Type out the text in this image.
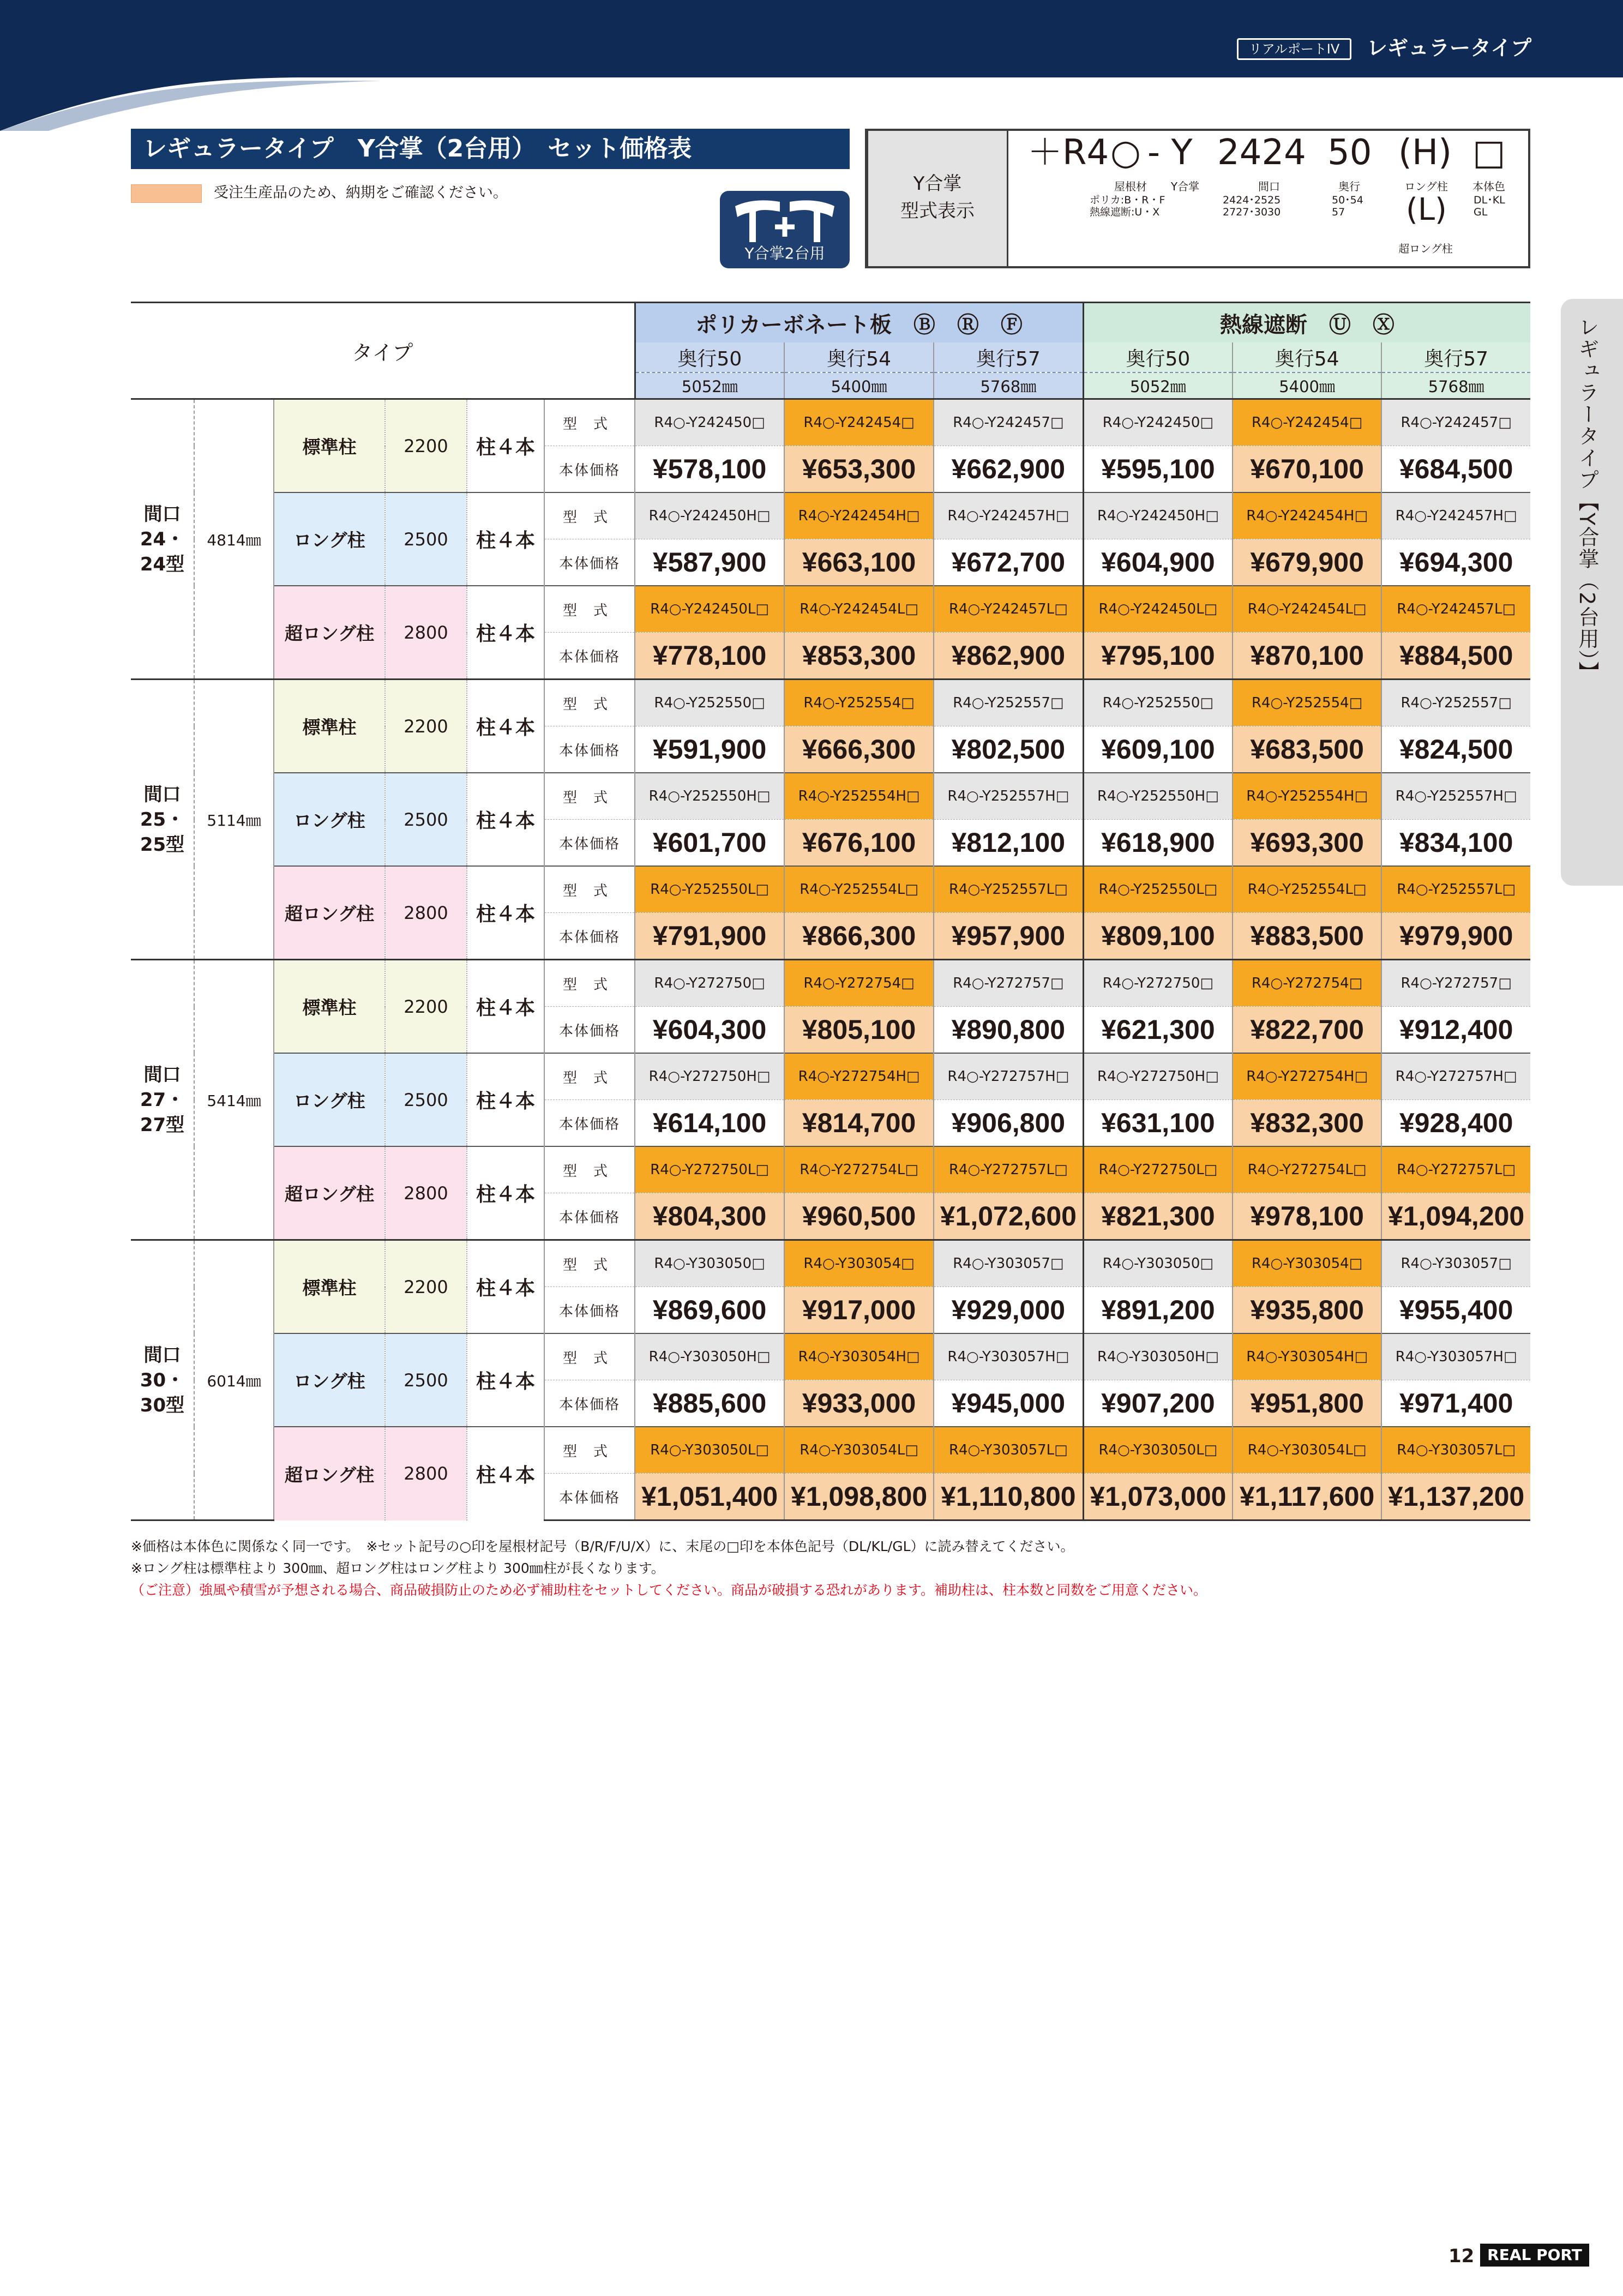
リアルポートIV	レギュラータイプ
レギュラータイプ　Y合掌（2台用）　セット価格表
受注生産品のため、納期をご確認ください。
Y合掌2台用
Y合掌
型式表示
＋R4 ○ - Y 2424 50 (H) □
屋根材
ポリカ:B・R・F
熱線遮断:U・X
Y合掌	間口
2424･2525
2727･3030
奥行
50･54
57
ロング柱
(L)
超ロング柱
本体色
DL･KL
GL
レギュラータイプ【Y合掌（2台用）】
タイプ						ポリカーボネート板　Ⓑ　Ⓡ　Ⓕ			熱線遮断　Ⓤ　Ⓧ		
						奥行50	奥行54	奥行57	奥行50	奥行54	奥行57
						5052㎜	5400㎜	5768㎜	5052㎜	5400㎜	5768㎜

間口
24・
24型	4814㎜	標準柱	2200	柱４本	型式	R4○-Y242450□	R4○-Y242454□	R4○-Y242457□	R4○-Y242450□	R4○-Y242454□	R4○-Y242457□
					本体価格	¥578,100	¥653,300	¥662,900	¥595,100	¥670,100	¥684,500
		ロング柱	2500	柱４本	型式	R4○-Y242450H□	R4○-Y242454H□	R4○-Y242457H□	R4○-Y242450H□	R4○-Y242454H□	R4○-Y242457H□
					本体価格	¥587,900	¥663,100	¥672,700	¥604,900	¥679,900	¥694,300
		超ロング柱	2800	柱４本	型式	R4○-Y242450L□	R4○-Y242454L□	R4○-Y242457L□	R4○-Y242450L□	R4○-Y242454L□	R4○-Y242457L□
					本体価格	¥778,100	¥853,300	¥862,900	¥795,100	¥870,100	¥884,500

間口
25・
25型	5114㎜	標準柱	2200	柱４本	型式	R4○-Y252550□	R4○-Y252554□	R4○-Y252557□	R4○-Y252550□	R4○-Y252554□	R4○-Y252557□
					本体価格	¥591,900	¥666,300	¥802,500	¥609,100	¥683,500	¥824,500
		ロング柱	2500	柱４本	型式	R4○-Y252550H□	R4○-Y252554H□	R4○-Y252557H□	R4○-Y252550H□	R4○-Y252554H□	R4○-Y252557H□
					本体価格	¥601,700	¥676,100	¥812,100	¥618,900	¥693,300	¥834,100
		超ロング柱	2800	柱４本	型式	R4○-Y252550L□	R4○-Y252554L□	R4○-Y252557L□	R4○-Y252550L□	R4○-Y252554L□	R4○-Y252557L□
					本体価格	¥791,900	¥866,300	¥957,900	¥809,100	¥883,500	¥979,900

間口
27・
27型	5414㎜	標準柱	2200	柱４本	型式	R4○-Y272750□	R4○-Y272754□	R4○-Y272757□	R4○-Y272750□	R4○-Y272754□	R4○-Y272757□
					本体価格	¥604,300	¥805,100	¥890,800	¥621,300	¥822,700	¥912,400
		ロング柱	2500	柱４本	型式	R4○-Y272750H□	R4○-Y272754H□	R4○-Y272757H□	R4○-Y272750H□	R4○-Y272754H□	R4○-Y272757H□
					本体価格	¥614,100	¥814,700	¥906,800	¥631,100	¥832,300	¥928,400
		超ロング柱	2800	柱４本	型式	R4○-Y272750L□	R4○-Y272754L□	R4○-Y272757L□	R4○-Y272750L□	R4○-Y272754L□	R4○-Y272757L□
					本体価格	¥804,300	¥960,500	¥1,072,600	¥821,300	¥978,100	¥1,094,200

間口
30・
30型	6014㎜	標準柱	2200	柱４本	型式	R4○-Y303050□	R4○-Y303054□	R4○-Y303057□	R4○-Y303050□	R4○-Y303054□	R4○-Y303057□
					本体価格	¥869,600	¥917,000	¥929,000	¥891,200	¥935,800	¥955,400
		ロング柱	2500	柱４本	型式	R4○-Y303050H□	R4○-Y303054H□	R4○-Y303057H□	R4○-Y303050H□	R4○-Y303054H□	R4○-Y303057H□
					本体価格	¥885,600	¥933,000	¥945,000	¥907,200	¥951,800	¥971,400
		超ロング柱	2800	柱４本	型式	R4○-Y303050L□	R4○-Y303054L□	R4○-Y303057L□	R4○-Y303050L□	R4○-Y303054L□	R4○-Y303057L□
					本体価格	¥1,051,400	¥1,098,800	¥1,110,800	¥1,073,000	¥1,117,600	¥1,137,200
※価格は本体色に関係なく同一です。　※セット記号の○印を屋根材記号（B/R/F/U/X）に、末尾の□印を本体色記号（DL/KL/GL）に読み替えてください。
※ロング柱は標準柱より 300㎜、超ロング柱はロング柱より 300㎜柱が長くなります。
（ご注意）強風や積雪が予想される場合、商品破損防止のため必ず補助柱をセットしてください。商品が破損する恐れがあります。補助柱は、柱本数と同数をご用意ください。
12 REAL PORT IV
